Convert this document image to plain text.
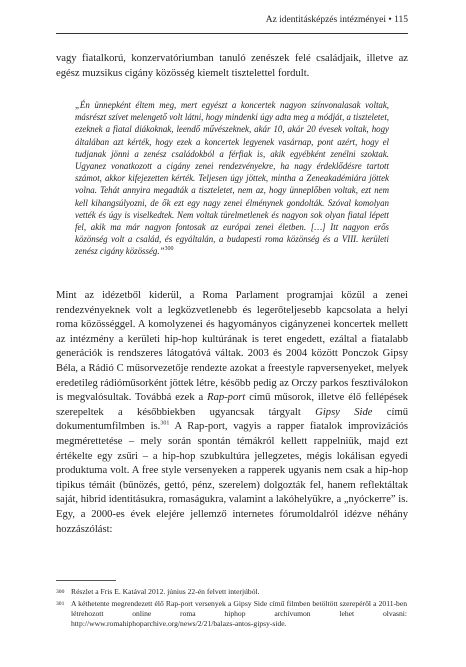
Az identitásképzés intézményei • 115

vagy fiatalkorú, konzervatóriumban tanuló zenészek felé családjaik, illetve az egész muzsikus cigány közösség kiemelt tisztelettel fordult.

„Én ünnepként éltem meg, mert egyészt a koncertek nagyon színvonalasak voltak, másrészt szívet melengető volt látni, hogy mindenki úgy adta meg a módját, a tiszteletet, ezeknek a fiatal diákoknak, leendő művészeknek, akár 10, akár 20 évesek voltak, hogy általában azt kérték, hogy ezek a koncertek legyenek vasárnap, pont azért, hogy el tudjanak jönni a zenész családokból a férfiak is, akik egyébként zenélni szoktak. Ugyanez vonatkozott a cigány zenei rendezvényekre, ha nagy érdeklődésre tartott számot, akkor kifejezetten kérték. Teljesen úgy jöttek, mintha a Zeneakadémiára jöttek volna. Tehát annyira megadták a tiszteletet, nem az, hogy ünneplőben voltak, ezt nem kell kihangsúlyozni, de ők ezt egy nagy zenei élménynek gondolták. Szóval komolyan vették és úgy is viselkedtek. Nem voltak türelmetlenek és nagyon sok olyan fiatal lépett fel, akik ma már nagyon fontosak az európai zenei életben. […] Itt nagyon erős közönség volt a család, és egyáltalán, a budapesti roma közönség és a VIII. kerületi zenész cigány közösség.”$^{300}$

Mint az idézetből kiderül, a Roma Parlament programjai közül a zenei rendezvényeknek volt a legközvetlenebb és legerőteljesebb kapcsolata a helyi roma közösséggel. A komolyzenei és hagyományos cigányzenei koncertek mellett az intézmény a kerületi hip-hop kultúrának is teret engedett, ezáltal a fiatalabb generációk is rendszeres látogatóvá váltak. 2003 és 2004 között Ponczok Gipsy Béla, a Rádió C műsorvezetője rendezte azokat a freestyle rapversenyeket, melyek eredetileg rádióműsorként jöttek létre, később pedig az Orczy parkos fesztiválokon is megvalósultak. Továbbá ezek a Rap-port című műsorok, illetve élő fellépések szerepeltek a későbbiekben ugyancsak tárgyalt Gipsy Side című dokumentumfilmben is.$^{301}$ A Rap-port, vagyis a rapper fiatalok improvizációs megmérettetése – mely során spontán témákról kellett rappelniük, majd ezt értékelte egy zsűri – a hip-hop szubkultúra jellegzetes, mégis lokálisan egyedi produktuma volt. A free style versenyeken a rapperek ugyanis nem csak a hip-hop tipikus témáit (bűnözés, gettó, pénz, szerelem) dolgozták fel, hanem reflektáltak saját, hibrid identitásukra, romaságukra, valamint a lakóhelyükre, a „nyóckerre” is. Egy, a 2000-es évek elejére jellemző internetes fórumoldalról idézve néhány hozzászólást:

300 Részlet a Fris E. Katával 2012. június 22-én felvett interjúból.

301 A kéthetente megrendezett élő Rap-port versenyek a Gipsy Side című filmben betöltött szerepéről a 2011-ben létrehozott online roma hiphop archívumon lehet olvasni: http://www.romahiphoparchive.org/news/2/21/balazs-antos-gipsy-side.
